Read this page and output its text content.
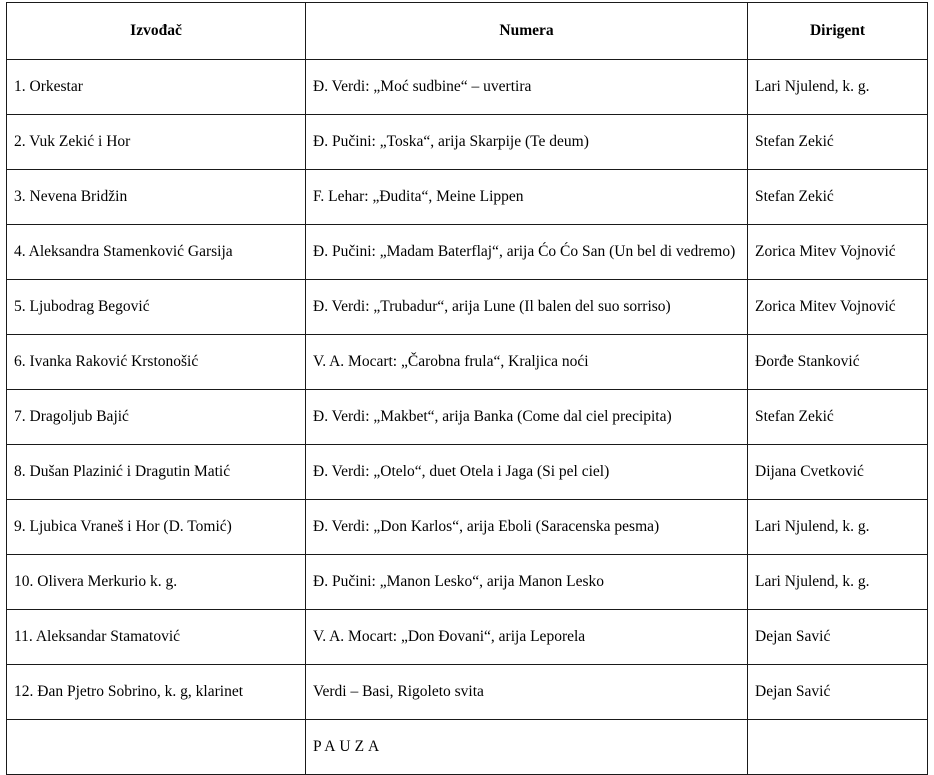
Izvođač	Numera	Dirigent
1. Orkestar	Đ. Verdi: „Moć sudbine“ – uvertira	Lari Njulend, k. g.
2. Vuk Zekić i Hor	Đ. Pučini: „Toska“, arija Skarpije (Te deum)	Stefan Zekić
3. Nevena Bridžin	F. Lehar: „Đudita“, Meine Lippen	Stefan Zekić
4. Aleksandra Stamenković Garsija	Đ. Pučini: „Madam Baterflaj“, arija Ćo Ćo San (Un bel di vedremo)	Zorica Mitev Vojnović
5. Ljubodrag Begović	Đ. Verdi: „Trubadur“, arija Lune (Il balen del suo sorriso)	Zorica Mitev Vojnović
6. Ivanka Raković Krstonošić	V. A. Mocart: „Čarobna frula“, Kraljica noći	Đorđe Stanković
7. Dragoljub Bajić	Đ. Verdi: „Makbet“, arija Banka (Come dal ciel precipita)	Stefan Zekić
8. Dušan Plazinić i Dragutin Matić	Đ. Verdi: „Otelo“, duet Otela i Jaga (Si pel ciel)	Dijana Cvetković
9. Ljubica Vraneš i Hor (D. Tomić)	Đ. Verdi: „Don Karlos“, arija Eboli (Saracenska pesma)	Lari Njulend, k. g.
10. Olivera Merkurio k. g.	Đ. Pučini: „Manon Lesko“, arija Manon Lesko	Lari Njulend, k. g.
11. Aleksandar Stamatović	V. A. Mocart: „Don Đovani“, arija Leporela	Dejan Savić
12. Đan Pjetro Sobrino, k. g, klarinet	Verdi – Basi, Rigoleto svita	Dejan Savić
	PAUZA	
